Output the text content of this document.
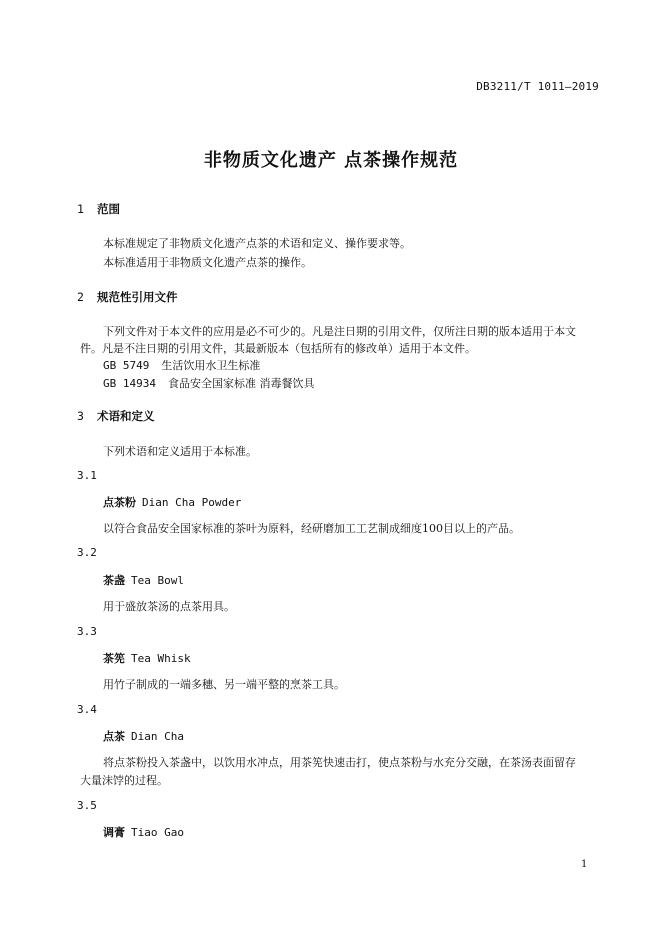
DB3211/T 1011—2019
非物质文化遗产 点茶操作规范
1 范围
本标准规定了非物质文化遗产点茶的术语和定义、操作要求等。
本标准适用于非物质文化遗产点茶的操作。
2 规范性引用文件
下列文件对于本文件的应用是必不可少的。凡是注日期的引用文件，仅所注日期的版本适用于本文
件。凡是不注日期的引用文件，其最新版本（包括所有的修改单）适用于本文件。
GB 5749 生活饮用水卫生标准
GB 14934 食品安全国家标准 消毒餐饮具
3 术语和定义
下列术语和定义适用于本标准。
3.1
点茶粉 Dian Cha Powder
以符合食品安全国家标准的茶叶为原料，经研磨加工工艺制成细度100目以上的产品。
3.2
茶盏 Tea Bowl
用于盛放茶汤的点茶用具。
3.3
茶筅 Tea Whisk
用竹子制成的一端多穗、另一端平整的烹茶工具。
3.4
点茶 Dian Cha
将点茶粉投入茶盏中，以饮用水冲点，用茶筅快速击打，使点茶粉与水充分交融，在茶汤表面留存
大量沫饽的过程。
3.5
调膏 Tiao Gao
1
